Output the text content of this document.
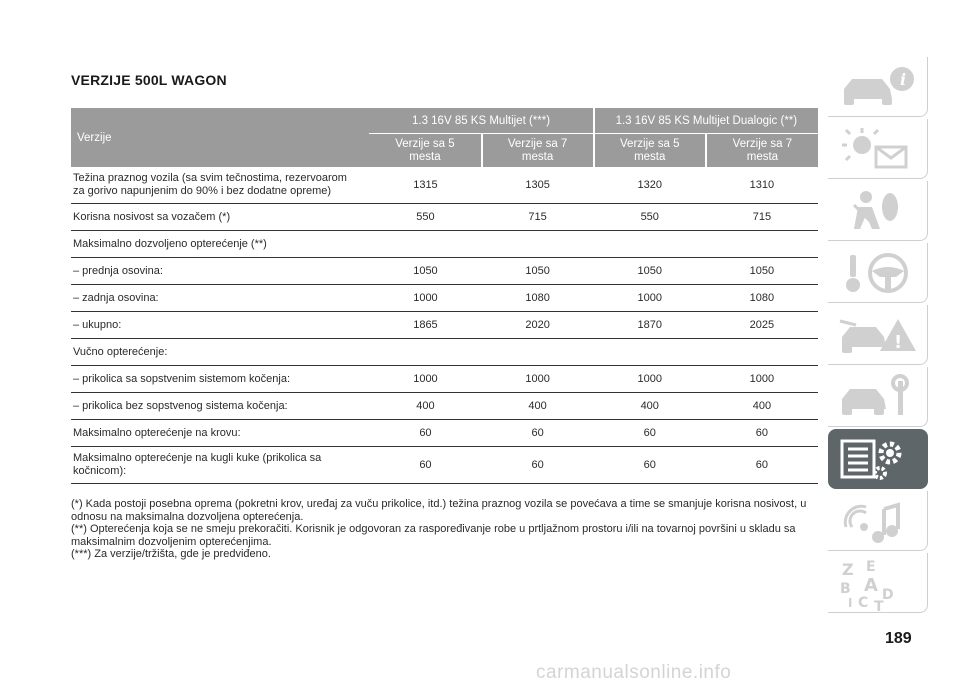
VERZIJE 500L WAGON
Verzije	1.3 16V 85 KS Multijet (***)		1.3 16V 85 KS Multijet Dualogic (**)	
	Verzije sa 5
mesta	Verzije sa 7
mesta	Verzije sa 5
mesta	Verzije sa 7
mesta
Težina praznog vozila (sa svim tečnostima, rezervoarom
za gorivo napunjenim do 90% i bez dodatne opreme)	1315	1305	1320	1310
Korisna nosivost sa vozačem (*)	550	715	550	715
Maksimalno dozvoljeno opterećenje (**)				
– prednja osovina:	1050	1050	1050	1050
– zadnja osovina:	1000	1080	1000	1080
– ukupno:	1865	2020	1870	2025
Vučno opterećenje:				
– prikolica sa sopstvenim sistemom kočenja:	1000	1000	1000	1000
– prikolica bez sopstvenog sistema kočenja:	400	400	400	400
Maksimalno opterećenje na krovu:	60	60	60	60
Maksimalno opterećenje na kugli kuke (prikolica sa
kočnicom):	60	60	60	60

(*) Kada postoji posebna oprema (pokretni krov, uređaj za vuču prikolice, itd.) težina praznog vozila se povećava a time se smanjuje korisna nosivost, u odnosu na maksimalna dozvoljena opterećenja.

(**) Opterećenja koja se ne smeju prekoračiti. Korisnik je odgovoran za raspoređivanje robe u prtljažnom prostoru i/ili na tovarnoj površini u skladu sa maksimalnim dozvoljenim opterećenjima.

(***) Za verzije/tržišta, gde je predviđeno.

i
!
Z E
A
B D
I C T
189
carmanualsonline.info
